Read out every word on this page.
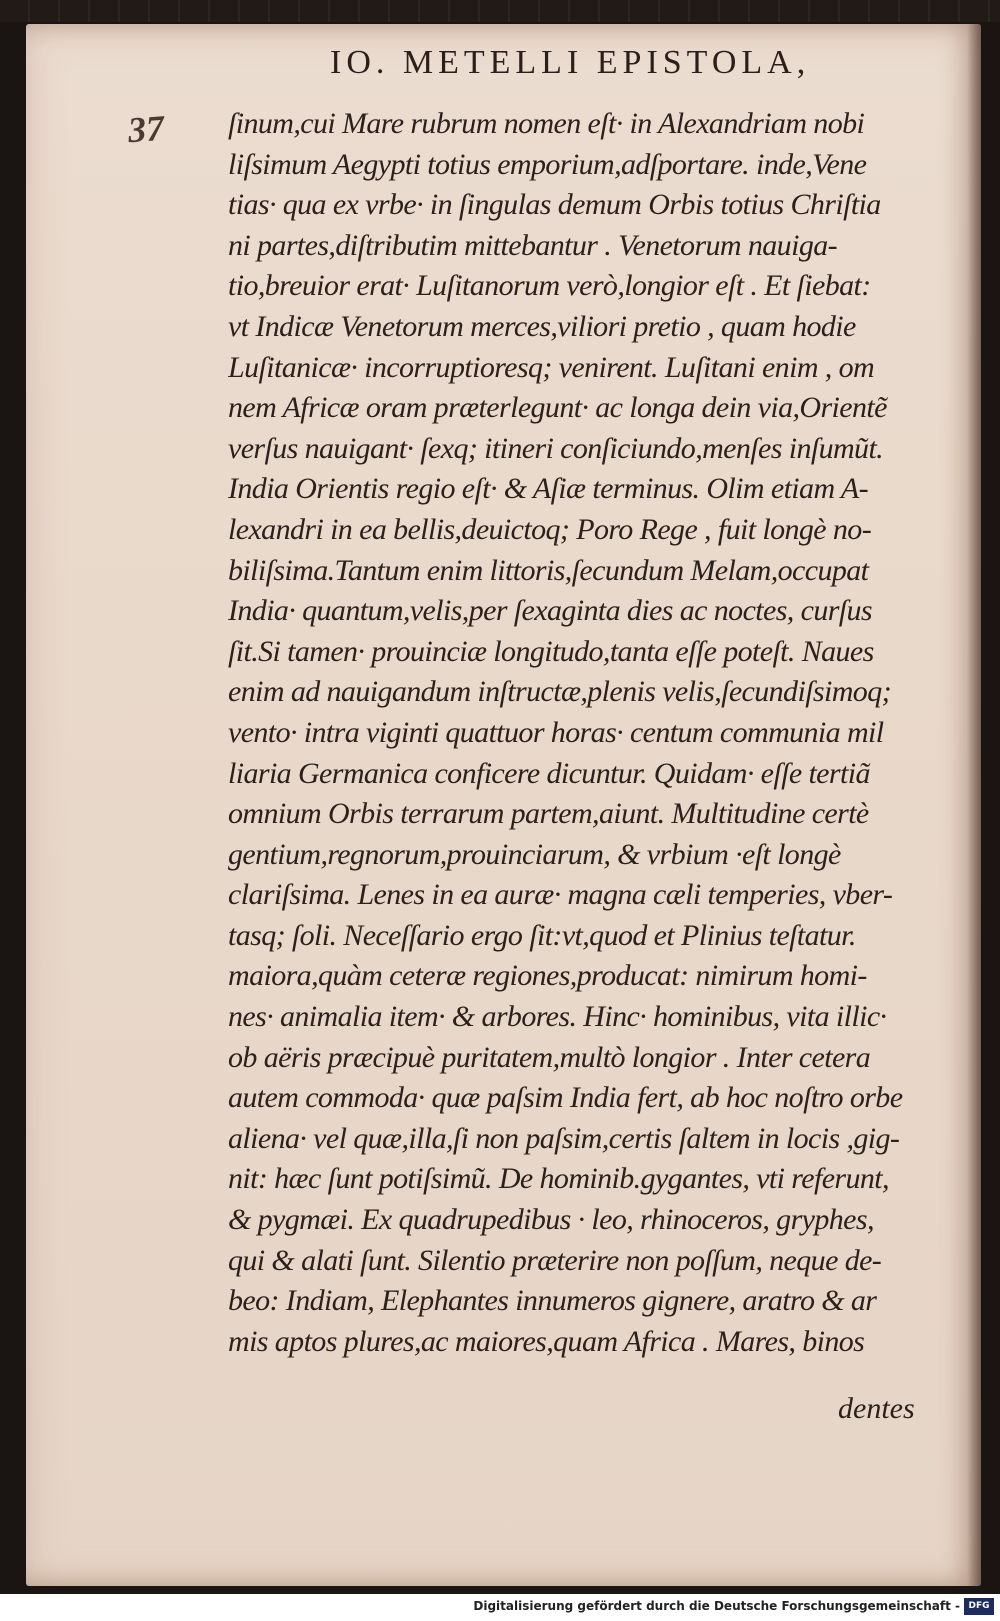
IO. METELLI EPISTOLA,
37 ſinum,cui Mare rubrum nomen eſt· in Alexandriam nobi
liſsimum Aegypti totius emporium,adſportare. inde,Vene
tias· qua ex vrbe· in ſingulas demum Orbis totius Chriſtia
ni partes,diſtributim mittebantur . Venetorum nauiga-
tio,breuior erat· Luſitanorum verò,longior eſt . Et ſiebat:
vt Indicæ Venetorum merces,viliori pretio , quam hodie
Luſitanicæ· incorruptioresq; venirent. Luſitani enim , om
nem Africæ oram præterlegunt· ac longa dein via,Orientẽ
verſus nauigant· ſexq; itineri conſiciundo,menſes inſumũt.
India Orientis regio eſt· & Aſiæ terminus. Olim etiam A-
lexandri in ea bellis,deuictoq; Poro Rege , fuit longè no-
biliſsima.Tantum enim littoris,ſecundum Melam,occupat
India· quantum,velis,per ſexaginta dies ac noctes, curſus
ſit.Si tamen· prouinciæ longitudo,tanta eſſe poteſt. Naues
enim ad nauigandum inſtructæ,plenis velis,ſecundiſsimoq;
vento· intra viginti quattuor horas· centum communia mil
liaria Germanica conficere dicuntur. Quidam· eſſe tertiã
omnium Orbis terrarum partem,aiunt. Multitudine certè
gentium,regnorum,prouinciarum, & vrbium ·eſt longè
clariſsima. Lenes in ea auræ· magna cæli temperies, vber-
tasq; ſoli. Neceſſario ergo ſit:vt,quod et Plinius teſtatur.
maiora,quàm ceteræ regiones,producat: nimirum homi-
nes· animalia item· & arbores. Hinc· hominibus, vita illic·
ob aëris præcipuè puritatem,multò longior . Inter cetera
autem commoda· quæ paſsim India fert, ab hoc noſtro orbe
aliena· vel quæ,illa,ſi non paſsim,certis ſaltem in locis ,gig-
nit: hæc ſunt potiſsimũ. De hominib.gygantes, vti referunt,
& pygmæi. Ex quadrupedibus · leo, rhinoceros, gryphes,
qui & alati ſunt. Silentio præterire non poſſum, neque de-
beo: Indiam, Elephantes innumeros gignere, aratro & ar
mis aptos plures,ac maiores,quam Africa . Mares, binos
dentes
Digitalisierung gefördert durch die Deutsche Forschungsgemeinschaft - DFG
